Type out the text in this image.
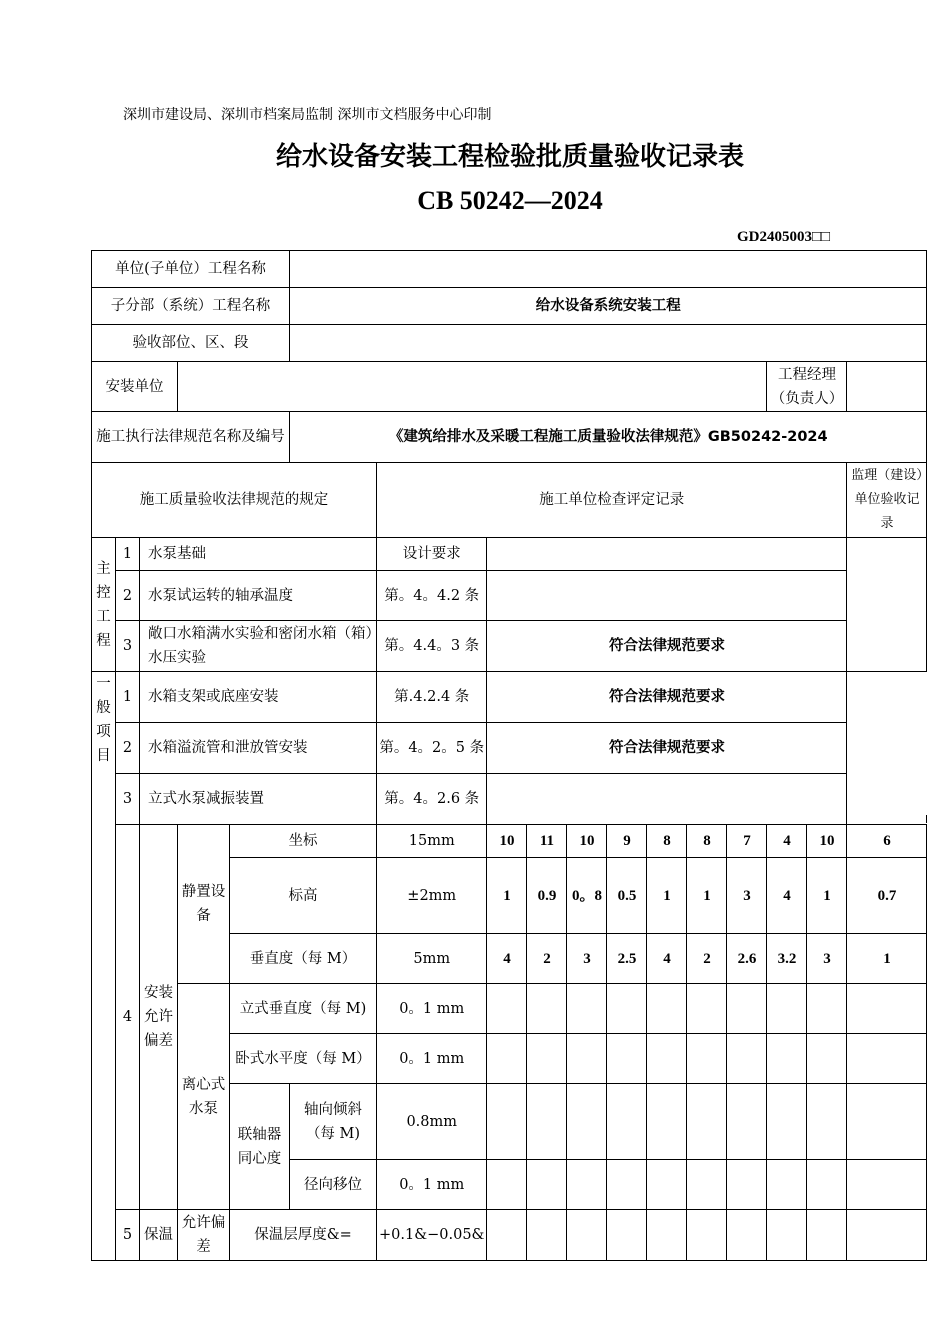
深圳市建设局、深圳市档案局监制 深圳市文档服务中心印制
给水设备安装工程检验批质量验收记录表
CB 50242—2024
GD2405003□□
单位(子单位）工程名称																	
子分部（系统）工程名称					给水设备系统安装工程												
验收部位、区、段																	
安装单位														工程经理（负责人）			
施工执行法律规范名称及编号					《建筑给排水及采暖工程施工质量验收法律规范》GB50242-2024												
施工质量验收法律规范的规定						施工单位检查评定记录										监理（建设）单位验收记录	
主控工程	1	水泵基础				设计要求											
	2	水泵试运转的轴承温度				第。4。4.2 条											
	3	敞口水箱满水实验和密闭水箱（箱）水压实验				第。4.4。3 条	符合法律规范要求										
一般项目	1	水箱支架或底座安装				第.4.2.4 条	符合法律规范要求										
	2	水箱溢流管和泄放管安装				第。4。2。5 条	符合法律规范要求										
	3	立式水泵减振装置				第。4。2.6 条											
	4	安装允许偏差	静置设备	坐标		15mm	10	11	10	9	8	8	7	4	10	6	
				标高		±2mm	1	0.9	0。8	0.5	1	1	3	4	1	0.7	
				垂直度（每 M）		5mm	4	2	3	2.5	4	2	2.6	3.2	3	1	
			离心式水泵	立式垂直度（每 M)		0。1 mm											
				卧式水平度（每 M）		0。1 mm											
				联轴器同心度	轴向倾斜（每 M)	0.8mm											
					径向移位	0。1 mm											
	5	保温	允许偏差	保温层厚度&=		+0.1&−0.05&											
